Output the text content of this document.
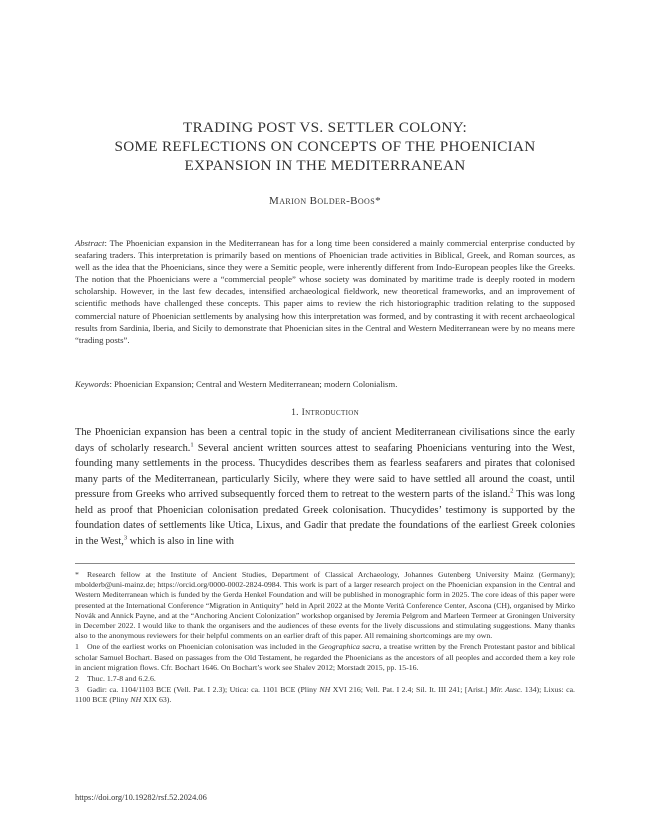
TRADING POST VS. SETTLER COLONY:
SOME REFLECTIONS ON CONCEPTS OF THE PHOENICIAN
EXPANSION IN THE MEDITERRANEAN
Marion Bolder-Boos*
Abstract: The Phoenician expansion in the Mediterranean has for a long time been considered a mainly commercial enterprise conducted by seafaring traders. This interpretation is primarily based on mentions of Phoenician trade activities in Biblical, Greek, and Roman sources, as well as the idea that the Phoenicians, since they were a Semitic people, were inherently different from Indo-European peoples like the Greeks. The notion that the Phoenicians were a “commercial people” whose society was dominated by maritime trade is deeply rooted in modern scholarship. However, in the last few decades, intensified archaeological fieldwork, new theoretical frameworks, and an improvement of scientific methods have challenged these concepts. This paper aims to review the rich historiographic tradition relating to the supposed commercial nature of Phoenician settlements by analysing how this interpretation was formed, and by contrasting it with recent archaeological results from Sardinia, Iberia, and Sicily to demonstrate that Phoenician sites in the Central and Western Mediterranean were by no means mere “trading posts”.
Keywords: Phoenician Expansion; Central and Western Mediterranean; modern Colonialism.
1. Introduction
The Phoenician expansion has been a central topic in the study of ancient Mediterranean civilisations since the early days of scholarly research.$^1$ Several ancient written sources attest to seafaring Phoenicians venturing into the West, founding many settlements in the process. Thucydides describes them as fearless seafarers and pirates that colonised many parts of the Mediterranean, particularly Sicily, where they were said to have settled all around the coast, until pressure from Greeks who arrived subsequently forced them to retreat to the western parts of the island.$^2$ This was long held as proof that Phoenician colonisation predated Greek colonisation. Thucydides’ testimony is supported by the foundation dates of settlements like Utica, Lixus, and Gadir that predate the foundations of the earliest Greek colonies in the West,$^3$ which is also in line with
* Research fellow at the Institute of Ancient Studies, Department of Classical Archaeology, Johannes Gutenberg University Mainz (Germany); mbolderb@uni-mainz.de; https://orcid.org/0000-0002-2824-0984. This work is part of a larger research project on the Phoenician expansion in the Central and Western Mediterranean which is funded by the Gerda Henkel Foundation and will be published in monographic form in 2025. The core ideas of this paper were presented at the International Conference “Migration in Antiquity” held in April 2022 at the Monte Verità Conference Center, Ascona (CH), organised by Mirko Novák and Annick Payne, and at the “Anchoring Ancient Colonization” workshop organised by Jeremia Pelgrom and Marleen Termeer at Groningen University in December 2022. I would like to thank the organisers and the audiences of these events for the lively discussions and stimulating suggestions. Many thanks also to the anonymous reviewers for their helpful comments on an earlier draft of this paper. All remaining shortcomings are my own.
1 One of the earliest works on Phoenician colonisation was included in the Geographica sacra, a treatise written by the French Protestant pastor and biblical scholar Samuel Bochart. Based on passages from the Old Testament, he regarded the Phoenicians as the ancestors of all peoples and accorded them a key role in ancient migration flows. Cfr. Bochart 1646. On Bochart’s work see Shalev 2012; Morstadt 2015, pp. 15-16.
2 Thuc. 1.7-8 and 6.2.6.
3 Gadir: ca. 1104/1103 BCE (Vell. Pat. I 2.3); Utica: ca. 1101 BCE (Pliny NH XVI 216; Vell. Pat. I 2.4; Sil. It. III 241; [Arist.] Mir. Ausc. 134); Lixus: ca. 1100 BCE (Pliny NH XIX 63).
https://doi.org/10.19282/rsf.52.2024.06
